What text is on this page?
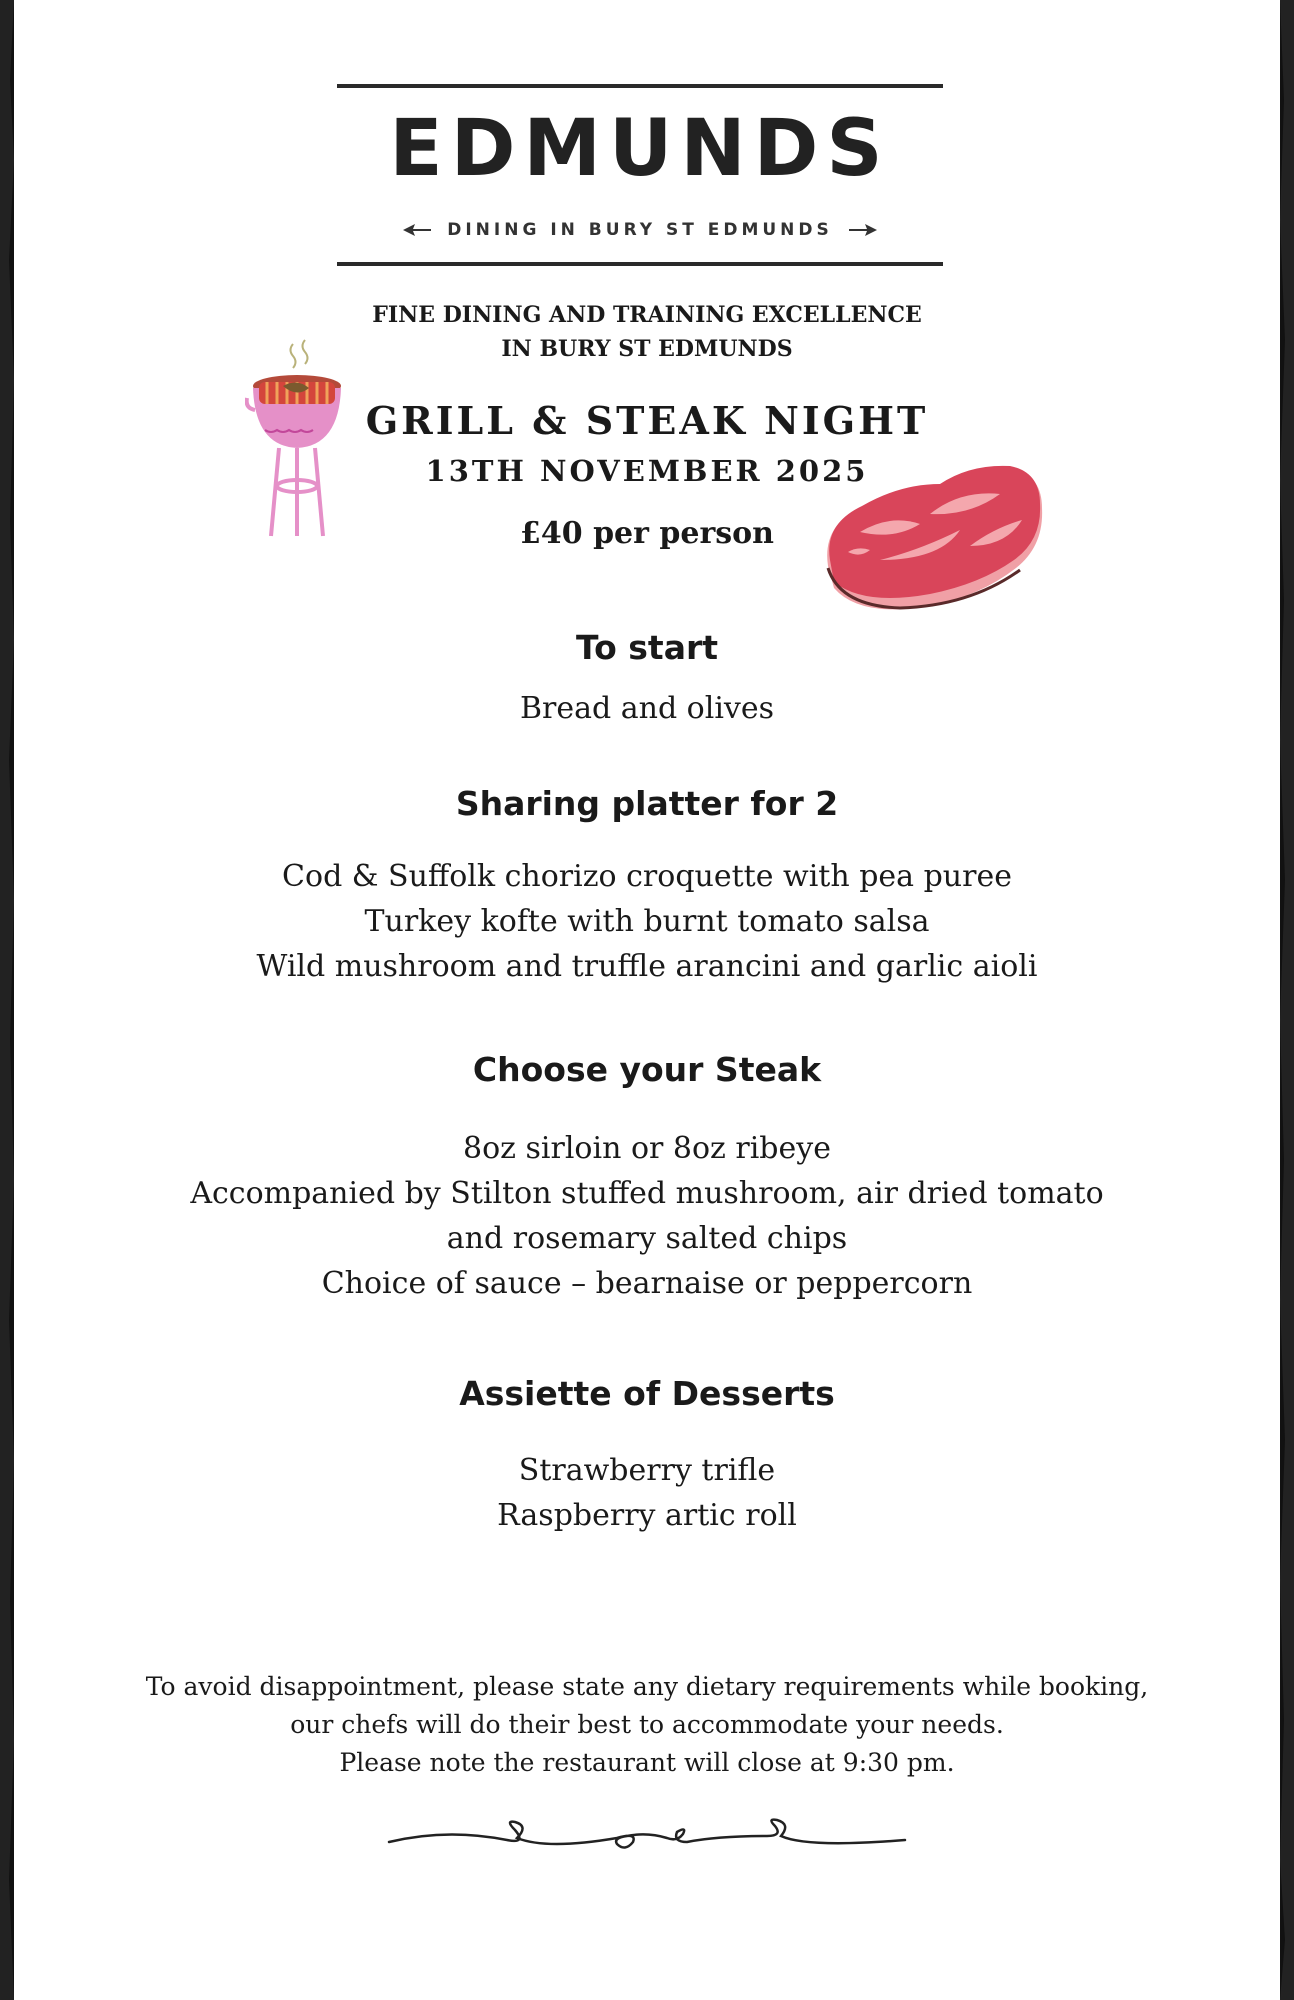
EDMUNDS
DINING IN BURY ST EDMUNDS
FINE DINING AND TRAINING EXCELLENCE
IN BURY ST EDMUNDS
GRILL & STEAK NIGHT
13TH NOVEMBER 2025
£40 per person
To start
Bread and olives
Sharing platter for 2
Cod & Suffolk chorizo croquette with pea puree
Turkey kofte with burnt tomato salsa
Wild mushroom and truffle arancini and garlic aioli
Choose your Steak
8oz sirloin or 8oz ribeye
Accompanied by Stilton stuffed mushroom, air dried tomato
and rosemary salted chips
Choice of sauce – bearnaise or peppercorn
Assiette of Desserts
Strawberry trifle
Raspberry artic roll
To avoid disappointment, please state any dietary requirements while booking,
our chefs will do their best to accommodate your needs.
Please note the restaurant will close at 9:30 pm.
